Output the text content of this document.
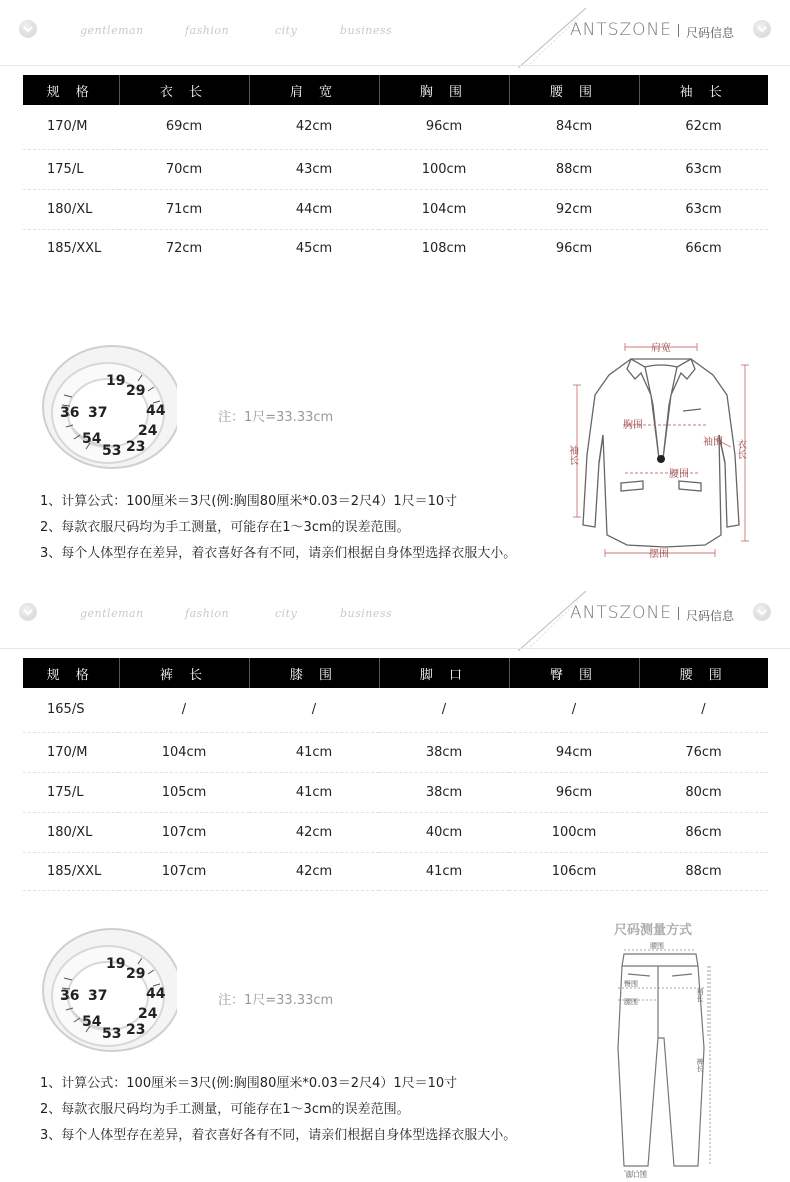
gentleman	fashion	city	business	ANTSZONE 尺码信息
规 格	衣 长	肩 宽	胸 围	腰 围	袖 长
170/M	69cm	42cm	96cm	84cm	62cm
175/L	70cm	43cm	100cm	88cm	63cm
180/XL	71cm	44cm	104cm	92cm	63cm
185/XXL	72cm	45cm	108cm	96cm	66cm
36 37
23
24
54
53
29
19
44	注：1尺=33.33cm
1、计算公式：100厘米＝3尺(例:胸围80厘米*0.03＝2尺4）1尺＝10寸
2、每款衣服尺码均为手工测量，可能存在1～3cm的误差范围。
3、每个人体型存在差异，着衣喜好各有不同，请亲们根据自身体型选择衣服大小。
肩宽
胸围
腰围
摆围
袖围
袖长	衣长
gentleman	fashion	city	business	ANTSZONE 尺码信息
规 格	裤 长	膝 围	脚 口	臀 围	腰 围
165/S	/	/	/	/	/
170/M	104cm	41cm	38cm	94cm	76cm
175/L	105cm	41cm	38cm	96cm	80cm
180/XL	107cm	42cm	40cm	100cm	86cm
185/XXL	107cm	42cm	41cm	106cm	88cm
36 37
23
24
54
53
29
19
44	注：1尺=33.33cm
1、计算公式：100厘米＝3尺(例:胸围80厘米*0.03＝2尺4）1尺＝10寸
2、每款衣服尺码均为手工测量，可能存在1～3cm的误差范围。
3、每个人体型存在差异，着衣喜好各有不同，请亲们根据自身体型选择衣服大小。
尺码测量方式
腰围
臀围
腿围	裆长
裤长
脚口围
